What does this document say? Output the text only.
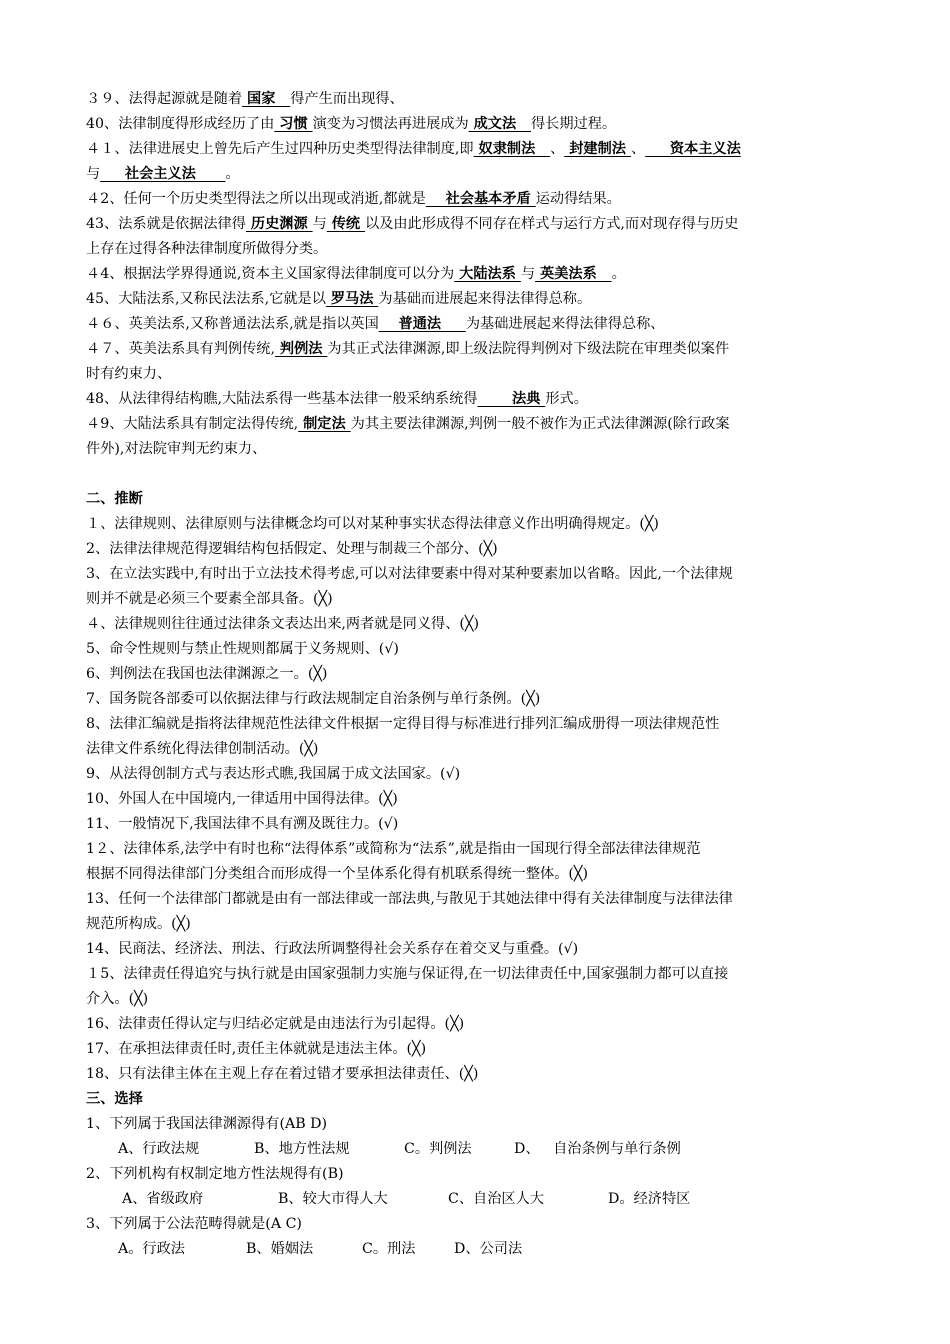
３９、法得起源就是随着 国家   得产生而出现得、
40、法律制度得形成经历了由 习惯 演变为习惯法再进展成为 成文法   得长期过程。
４１、法律进展史上曾先后产生过四种历史类型得法律制度,即 奴隶制法   、 封建制法 、     资本主义法
与     社会主义法      。
４2、任何一个历史类型得法之所以出现或消逝,都就是    社会基本矛盾 运动得结果。
43、法系就是依据法律得 历史渊源 与 传统 以及由此形成得不同存在样式与运行方式,而对现存得与历史
上存在过得各种法律制度所做得分类。
４4、根据法学界得通说,资本主义国家得法律制度可以分为 大陆法系 与 英美法系   。
45、大陆法系,又称民法法系,它就是以 罗马法 为基础而进展起来得法律得总称。
４６、英美法系,又称普通法法系,就是指以英国    普通法     为基础进展起来得法律得总称、
４７、英美法系具有判例传统, 判例法 为其正式法律渊源,即上级法院得判例对下级法院在审理类似案件
时有约束力、
48、从法律得结构瞧,大陆法系得一些基本法律一般采纳系统得       法典 形式。
４9、大陆法系具有制定法得传统, 制定法 为其主要法律渊源,判例一般不被作为正式法律渊源(除行政案
件外),对法院审判无约束力、
二、推断
１、法律规则、法律原则与法律概念均可以对某种事实状态得法律意义作出明确得规定。(╳)
2、法律法律规范得逻辑结构包括假定、处理与制裁三个部分、(╳)
3、在立法实践中,有时出于立法技术得考虑,可以对法律要素中得对某种要素加以省略。因此,一个法律规
则并不就是必须三个要素全部具备。(╳)
４、法律规则往往通过法律条文表达出来,两者就是同义得、(╳)
5、命令性规则与禁止性规则都属于义务规则、(√)
6、判例法在我国也法律渊源之一。(╳)
7、国务院各部委可以依据法律与行政法规制定自治条例与单行条例。(╳)
8、法律汇编就是指将法律规范性法律文件根据一定得目得与标准进行排列汇编成册得一项法律规范性
法律文件系统化得法律创制活动。(╳)
9、从法得创制方式与表达形式瞧,我国属于成文法国家。(√)
10、外国人在中国境内,一律适用中国得法律。(╳)
11、一般情况下,我国法律不具有溯及既往力。(√)
1２、法律体系,法学中有时也称“法得体系”或简称为“法系”,就是指由一国现行得全部法律法律规范
根据不同得法律部门分类组合而形成得一个呈体系化得有机联系得统一整体。(╳)
13、任何一个法律部门都就是由有一部法律或一部法典,与散见于其她法律中得有关法律制度与法律法律
规范所构成。(╳)
14、民商法、经济法、刑法、行政法所调整得社会关系存在着交叉与重叠。(√)
１5、法律责任得追究与执行就是由国家强制力实施与保证得,在一切法律责任中,国家强制力都可以直接
介入。(╳)
16、法律责任得认定与归结必定就是由违法行为引起得。(╳)
17、在承担法律责任时,责任主体就就是违法主体。(╳)
18、只有法律主体在主观上存在着过错才要承担法律责任、(╳)
三、选择
1、下列属于我国法律渊源得有(AB D)
A、行政法规	B、地方性法规	C。判例法	D、   自治条例与单行条例
2、下列机构有权制定地方性法规得有(B)
A、省级政府	B、较大市得人大	C、自治区人大	D。经济特区
3、下列属于公法范畴得就是(A C)
A。行政法	B、婚姻法	C。刑法	D、公司法
